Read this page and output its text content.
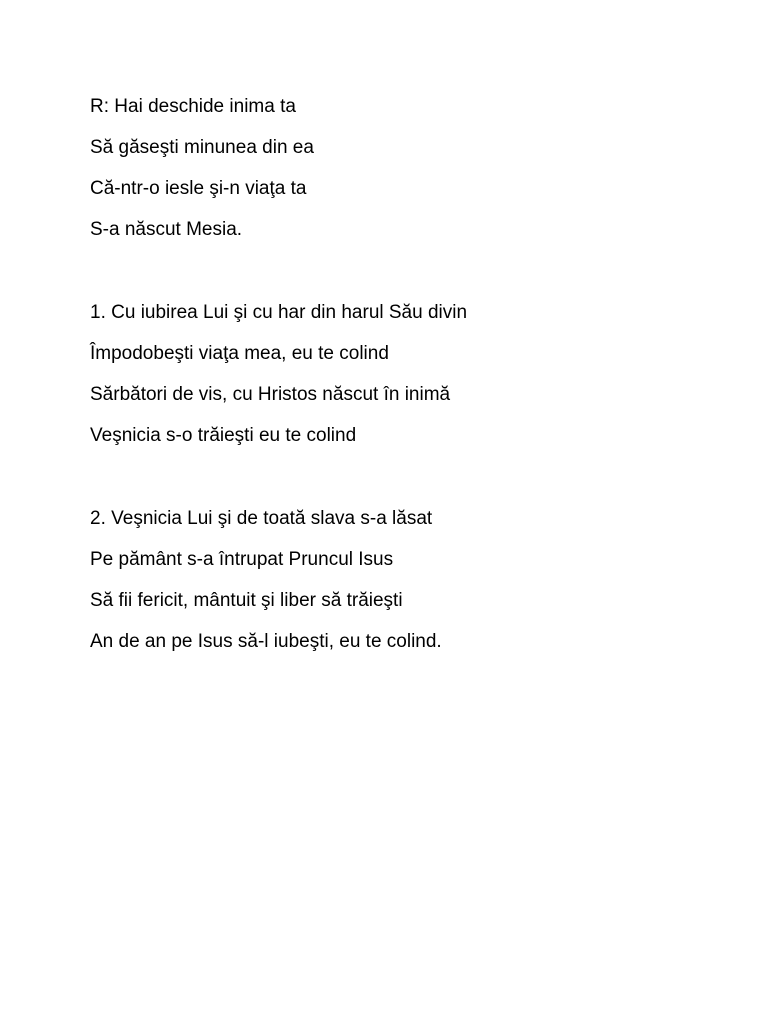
R: Hai deschide inima ta
Să găseşti minunea din ea
Că-ntr-o iesle şi-n viaţa ta
S-a născut Mesia.
1. Cu iubirea Lui şi cu har din harul Său divin
Împodobeşti viaţa mea, eu te colind
Sărbători de vis, cu Hristos născut în inimă
Veşnicia s-o trăieşti eu te colind
2. Veşnicia Lui şi de toată slava s-a lăsat
Pe pământ s-a întrupat Pruncul Isus
Să fii fericit, mântuit şi liber să trăieşti
An de an pe Isus să-l iubeşti, eu te colind.
